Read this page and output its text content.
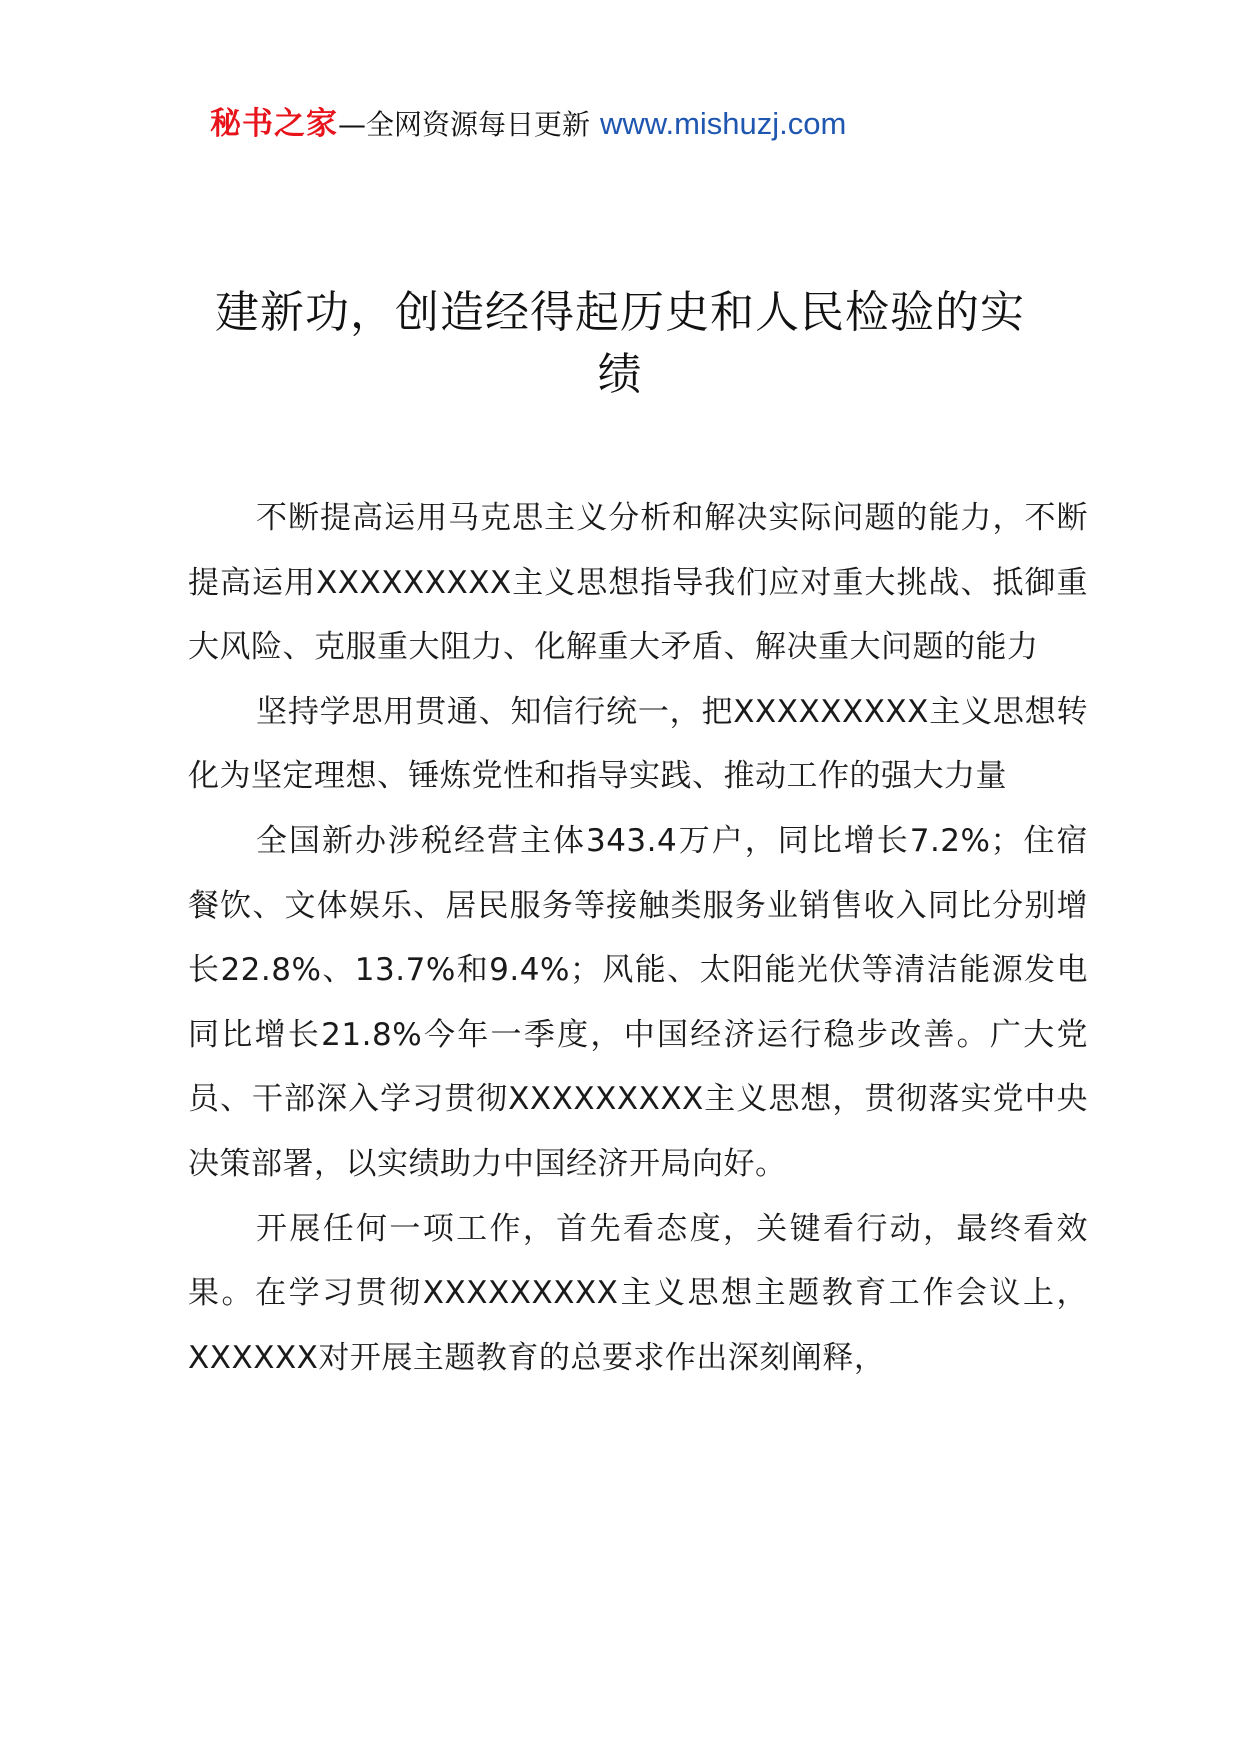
秘书之家 —全网资源每日更新 www.mishuzj.com
建新功，创造经得起历史和人民检验的实
绩

不断提高运用马克思主义分析和解决实际问题的能力，不断提高运用XXXXXXXXX主义思想指导我们应对重大挑战、抵御重大风险、克服重大阻力、化解重大矛盾、解决重大问题的能力

坚持学思用贯通、知信行统一，把XXXXXXXXX主义思想转化为坚定理想、锤炼党性和指导实践、推动工作的强大力量

全国新办涉税经营主体343.4万户，同比增长7.2%；住宿餐饮、文体娱乐、居民服务等接触类服务业销售收入同比分别增长22.8%、13.7%和9.4%；风能、太阳能光伏等清洁能源发电同比增长21.8%今年一季度，中国经济运行稳步改善。广大党员、干部深入学习贯彻XXXXXXXXX主义思想，贯彻落实党中央决策部署，以实绩助力中国经济开局向好。

开展任何一项工作，首先看态度，关键看行动，最终看效果。在学习贯彻XXXXXXXXX主义思想主题教育工作会议上，XXXXXX对开展主题教育的总要求作出深刻阐释，
